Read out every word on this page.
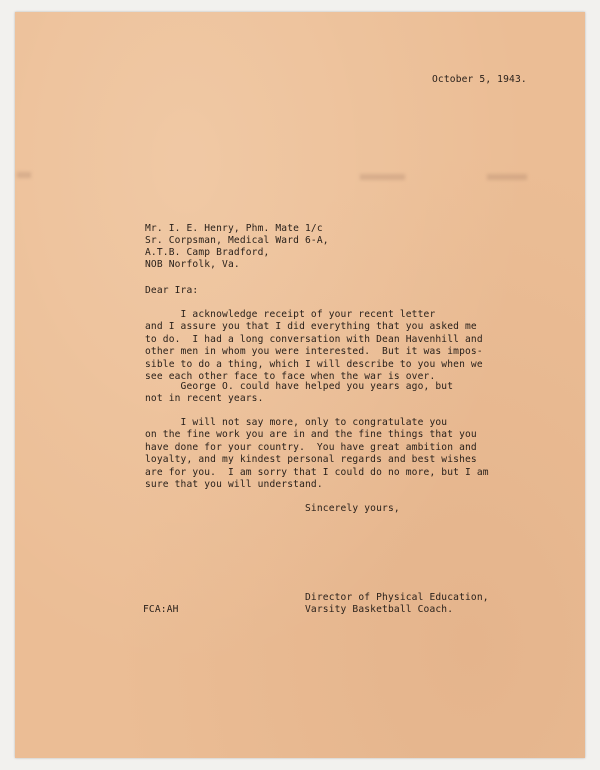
October 5, 1943.
Mr. I. E. Henry, Phm. Mate 1/c
Sr. Corpsman, Medical Ward 6-A,
A.T.B. Camp Bradford,
NOB Norfolk, Va.
Dear Ira:
I acknowledge receipt of your recent letter
and I assure you that I did everything that you asked me
to do.  I had a long conversation with Dean Havenhill and
other men in whom you were interested.  But it was impos-
sible to do a thing, which I will describe to you when we
see each other face to face when the war is over.
George O. could have helped you years ago, but
not in recent years.
I will not say more, only to congratulate you
on the fine work you are in and the fine things that you
have done for your country.  You have great ambition and
loyalty, and my kindest personal regards and best wishes
are for you.  I am sorry that I could do no more, but I am
sure that you will understand.
Sincerely yours,
Director of Physical Education,
Varsity Basketball Coach.
FCA:AH
